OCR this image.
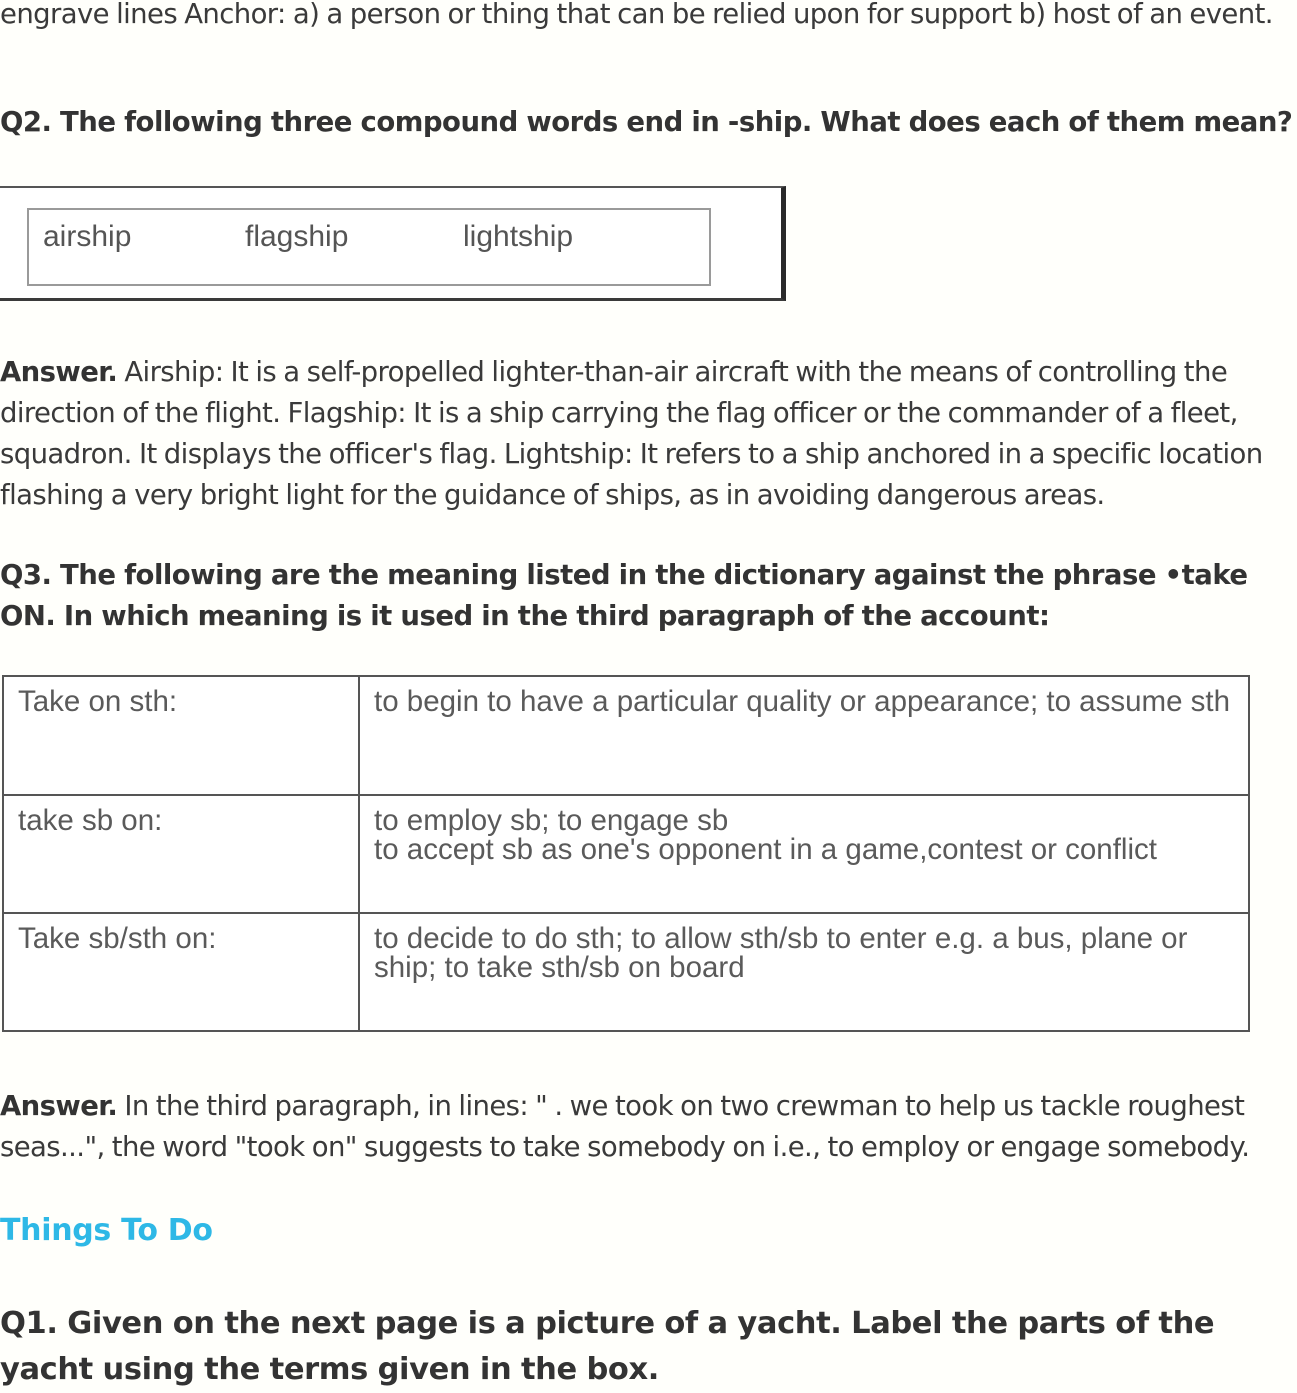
engrave lines Anchor: a) a person or thing that can be relied upon for support b) host of an event.

Q2. The following three compound words end in -ship. What does each of them mean?

airship	flagship	lightship

Answer. Airship: It is a self-propelled lighter-than-air aircraft with the means of controlling the direction of the flight. Flagship: It is a ship carrying the flag officer or the commander of a fleet, squadron. It displays the officer's flag. Lightship: It refers to a ship anchored in a specific location flashing a very bright light for the guidance of ships, as in avoiding dangerous areas.

Q3. The following are the meaning listed in the dictionary against the phrase •take ON. In which meaning is it used in the third paragraph of the account:

Take on sth:	to begin to have a particular quality or appearance; to assume sth

take sb on:	to employ sb; to engage sb
to accept sb as one's opponent in a game,contest or conflict

Take sb/sth on:	to decide to do sth; to allow sth/sb to enter e.g. a bus, plane or ship; to take sth/sb on board

Answer. In the third paragraph, in lines: " . we took on two crewman to help us tackle roughest seas...", the word "took on" suggests to take somebody on i.e., to employ or engage somebody.

Things To Do

Q1. Given on the next page is a picture of a yacht. Label the parts of the yacht using the terms given in the box.
